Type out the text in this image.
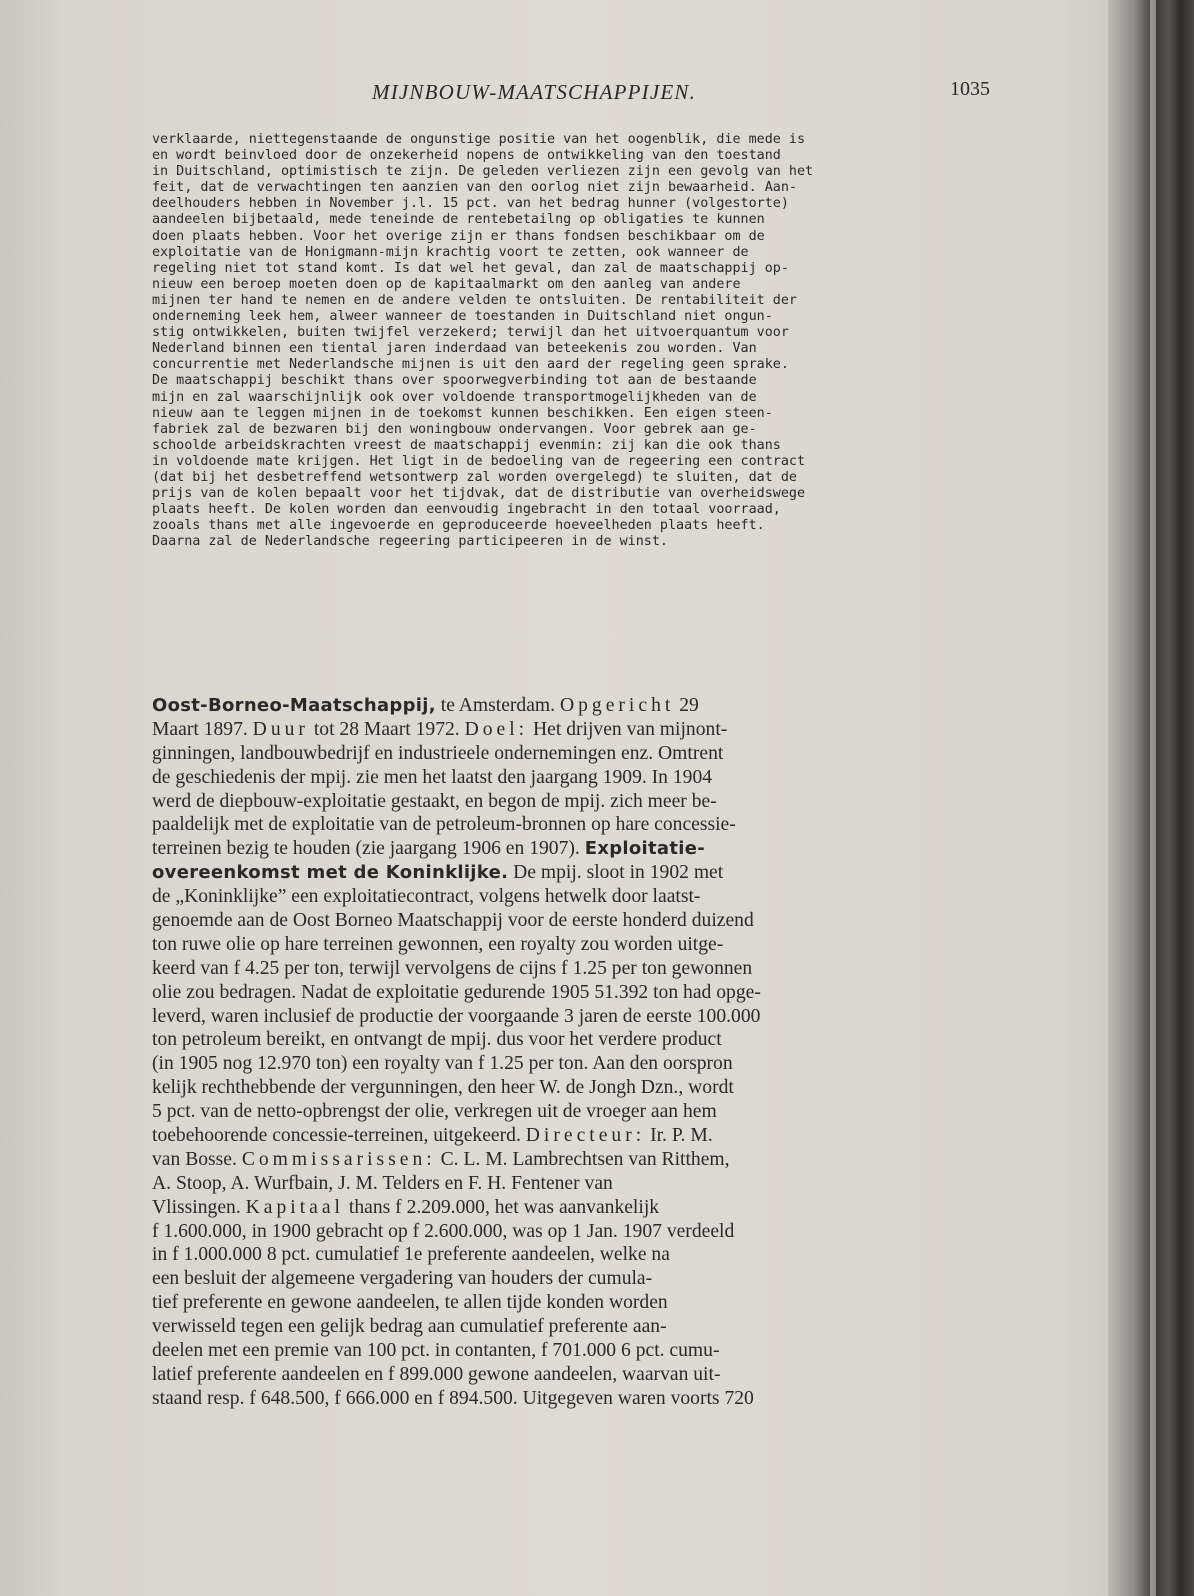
MIJNBOUW-MAATSCHAPPIJEN.	1035
verklaarde, niettegenstaande de ongunstige positie van het oogenblik, die mede is
en wordt beinvloed door de onzekerheid nopens de ontwikkeling van den toestand
in Duitschland, optimistisch te zijn. De geleden verliezen zijn een gevolg van het
feit, dat de verwachtingen ten aanzien van den oorlog niet zijn bewaarheid. Aan-
deelhouders hebben in November j.l. 15 pct. van het bedrag hunner (volgestorte)
aandeelen bijbetaald, mede teneinde de rentebetailng op obligaties te kunnen
doen plaats hebben. Voor het overige zijn er thans fondsen beschikbaar om de
exploitatie van de Honigmann-mijn krachtig voort te zetten, ook wanneer de
regeling niet tot stand komt. Is dat wel het geval, dan zal de maatschappij op-
nieuw een beroep moeten doen op de kapitaalmarkt om den aanleg van andere
mijnen ter hand te nemen en de andere velden te ontsluiten. De rentabiliteit der
onderneming leek hem, alweer wanneer de toestanden in Duitschland niet ongun-
stig ontwikkelen, buiten twijfel verzekerd; terwijl dan het uitvoerquantum voor
Nederland binnen een tiental jaren inderdaad van beteekenis zou worden. Van
concurrentie met Nederlandsche mijnen is uit den aard der regeling geen sprake.
De maatschappij beschikt thans over spoorwegverbinding tot aan de bestaande
mijn en zal waarschijnlijk ook over voldoende transportmogelijkheden van de
nieuw aan te leggen mijnen in de toekomst kunnen beschikken. Een eigen steen-
fabriek zal de bezwaren bij den woningbouw ondervangen. Voor gebrek aan ge-
schoolde arbeidskrachten vreest de maatschappij evenmin: zij kan die ook thans
in voldoende mate krijgen. Het ligt in de bedoeling van de regeering een contract
(dat bij het desbetreffend wetsontwerp zal worden overgelegd) te sluiten, dat de
prijs van de kolen bepaalt voor het tijdvak, dat de distributie van overheidswege
plaats heeft. De kolen worden dan eenvoudig ingebracht in den totaal voorraad,
zooals thans met alle ingevoerde en geproduceerde hoeveelheden plaats heeft.
Daarna zal de Nederlandsche regeering participeeren in de winst.
Oost-Borneo-Maatschappij, te Amsterdam. Opgericht 29
Maart 1897. Duur tot 28 Maart 1972. Doel: Het drijven van mijnont-
ginningen, landbouwbedrijf en industrieele ondernemingen enz. Omtrent
de geschiedenis der mpij. zie men het laatst den jaargang 1909. In 1904
werd de diepbouw-exploitatie gestaakt, en begon de mpij. zich meer be-
paaldelijk met de exploitatie van de petroleum-bronnen op hare concessie-
terreinen bezig te houden (zie jaargang 1906 en 1907). Exploitatie-
overeenkomst met de Koninklijke. De mpij. sloot in 1902 met
de „Koninklijke” een exploitatiecontract, volgens hetwelk door laatst-
genoemde aan de Oost Borneo Maatschappij voor de eerste honderd duizend
ton ruwe olie op hare terreinen gewonnen, een royalty zou worden uitge-
keerd van f 4.25 per ton, terwijl vervolgens de cijns f 1.25 per ton gewonnen
olie zou bedragen. Nadat de exploitatie gedurende 1905 51.392 ton had opge-
leverd, waren inclusief de productie der voorgaande 3 jaren de eerste 100.000
ton petroleum bereikt, en ontvangt de mpij. dus voor het verdere product
(in 1905 nog 12.970 ton) een royalty van f 1.25 per ton. Aan den oorspron
kelijk rechthebbende der vergunningen, den heer W. de Jongh Dzn., wordt
5 pct. van de netto-opbrengst der olie, verkregen uit de vroeger aan hem
toebehoorende concessie-terreinen, uitgekeerd. Directeur: Ir. P. M.
van Bosse. Commissarissen: C. L. M. Lambrechtsen van Ritthem,
A. Stoop, A. Wurfbain, J. M. Telders en F. H. Fentener van
Vlissingen. Kapitaal thans f 2.209.000, het was aanvankelijk
f 1.600.000, in 1900 gebracht op f 2.600.000, was op 1 Jan. 1907 verdeeld
in f 1.000.000 8 pct. cumulatief 1e preferente aandeelen, welke na
een besluit der algemeene vergadering van houders der cumula-
tief preferente en gewone aandeelen, te allen tijde konden worden
verwisseld tegen een gelijk bedrag aan cumulatief preferente aan-
deelen met een premie van 100 pct. in contanten, f 701.000 6 pct. cumu-
latief preferente aandeelen en f 899.000 gewone aandeelen, waarvan uit-
staand resp. f 648.500, f 666.000 en f 894.500. Uitgegeven waren voorts 720
